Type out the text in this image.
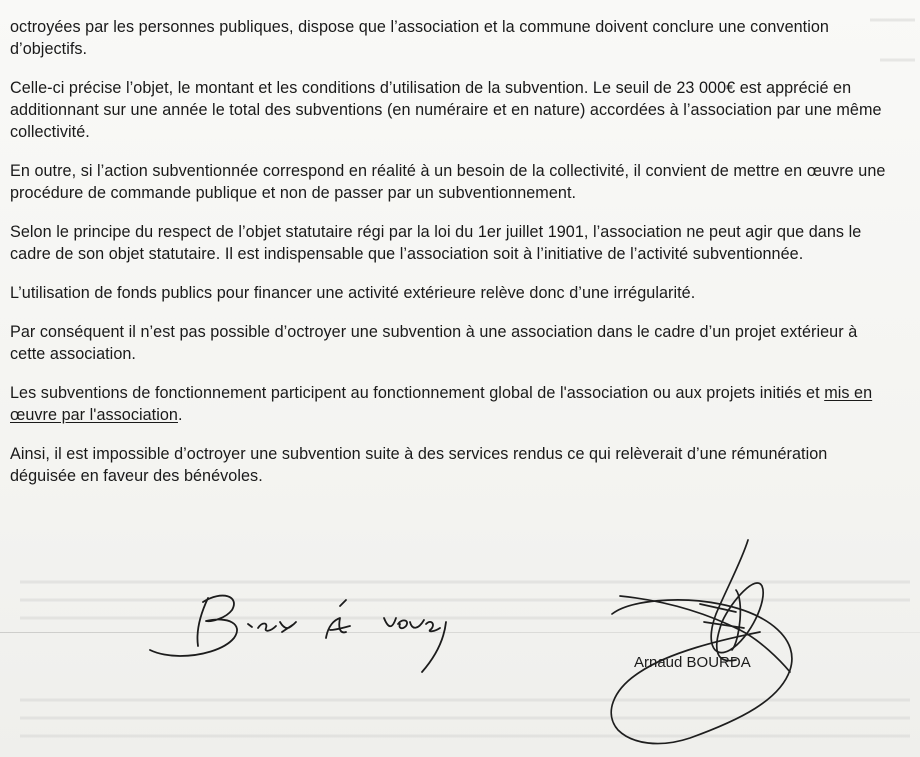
octroyées par les personnes publiques, dispose que l’association et la commune doivent conclure une convention d’objectifs.

Celle-ci précise l’objet, le montant et les conditions d’utilisation de la subvention. Le seuil de 23 000€ est apprécié en additionnant sur une année le total des subventions (en numéraire et en nature) accordées à l’association par une même collectivité.

En outre, si l’action subventionnée correspond en réalité à un besoin de la collectivité, il convient de mettre en œuvre une procédure de commande publique et non de passer par un subventionnement.

Selon le principe du respect de l’objet statutaire régi par la loi du 1er juillet 1901, l’association ne peut agir que dans le cadre de son objet statutaire. Il est indispensable que l’association soit à l’initiative de l’activité subventionnée.

L’utilisation de fonds publics pour financer une activité extérieure relève donc d’une irrégularité.

Par conséquent il n’est pas possible d’octroyer une subvention à une association dans le cadre d’un projet extérieur à cette association.

Les subventions de fonctionnement participent au fonctionnement global de l'association ou aux projets initiés et mis en œuvre par l'association.

Ainsi, il est impossible d’octroyer une subvention suite à des services rendus ce qui relèverait d’une rémunération déguisée en faveur des bénévoles.

Arnaud BOURDA
